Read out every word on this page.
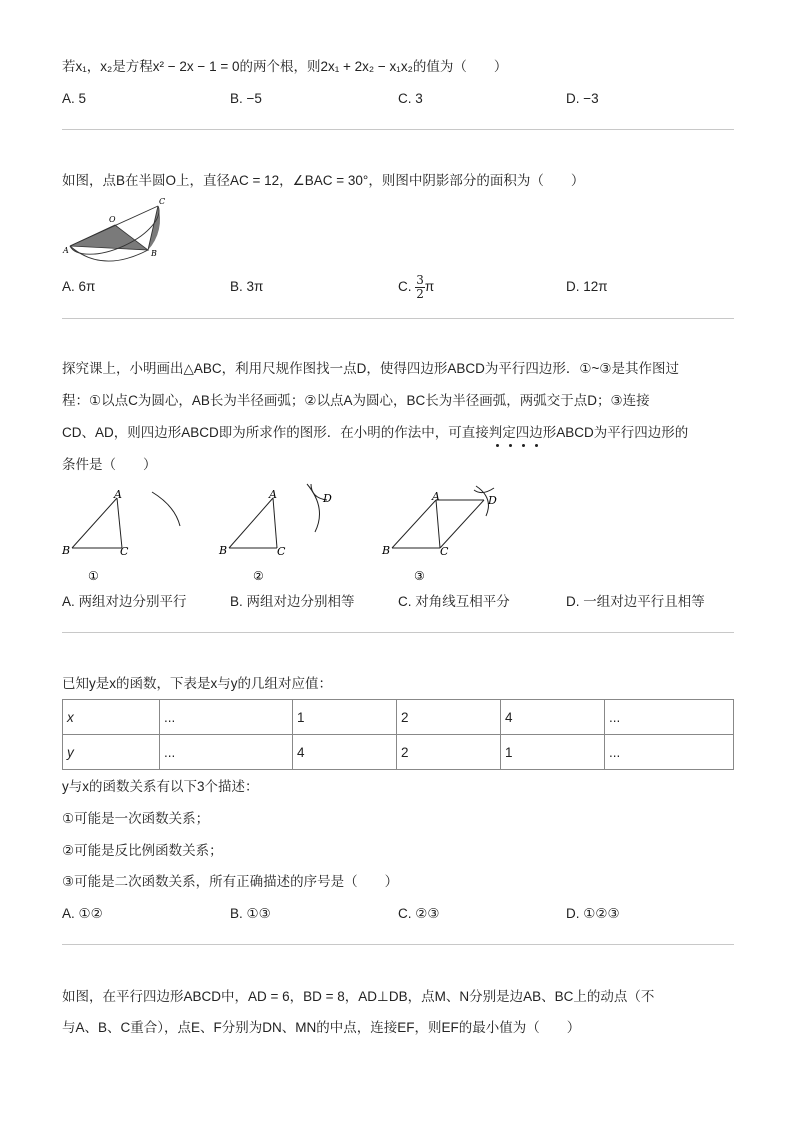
若x₁，x₂是方程x² − 2x − 1 = 0的两个根，则2x₁ + 2x₂ − x₁x₂的值为（　　）
A. 5	B. −5	C. 3	D. −3
如图，点B在半圆O上，直径AC = 12，∠BAC = 30°，则图中阴影部分的面积为（　　）
O
C
A	B
A. 6π	B. 3π	C. $\frac{3}{2}$ π	D. 12π
探究课上，小明画出△ABC，利用尺规作图找一点D，使得四边形ABCD为平行四边形．①~③是其作图过
程：①以点C为圆心，AB长为半径画弧；②以点A为圆心，BC长为半径画弧，两弧交于点D；③连接
CD、AD，则四边形ABCD即为所求作的图形．在小明的作法中，可直接判定四边形ABCD为平行四边形的
条件是（　　）
A
B	C
①
A	D
B	C
②
A	D
B	C
③
A. 两组对边分别平行	B. 两组对边分别相等	C. 对角线互相平分	D. 一组对边平行且相等
已知y是x的函数，下表是x与y的几组对应值：
x	...	1	2	4	...
y	...	4	2	1	...
y与x的函数关系有以下3个描述：
①可能是一次函数关系；
②可能是反比例函数关系；
③可能是二次函数关系，所有正确描述的序号是（　　）
A. ①②	B. ①③	C. ②③	D. ①②③
如图，在平行四边形ABCD中，AD = 6，BD = 8，AD⊥DB，点M、N分别是边AB、BC上的动点（不
与A、B、C重合），点E、F分别为DN、MN的中点，连接EF，则EF的最小值为（　　）
